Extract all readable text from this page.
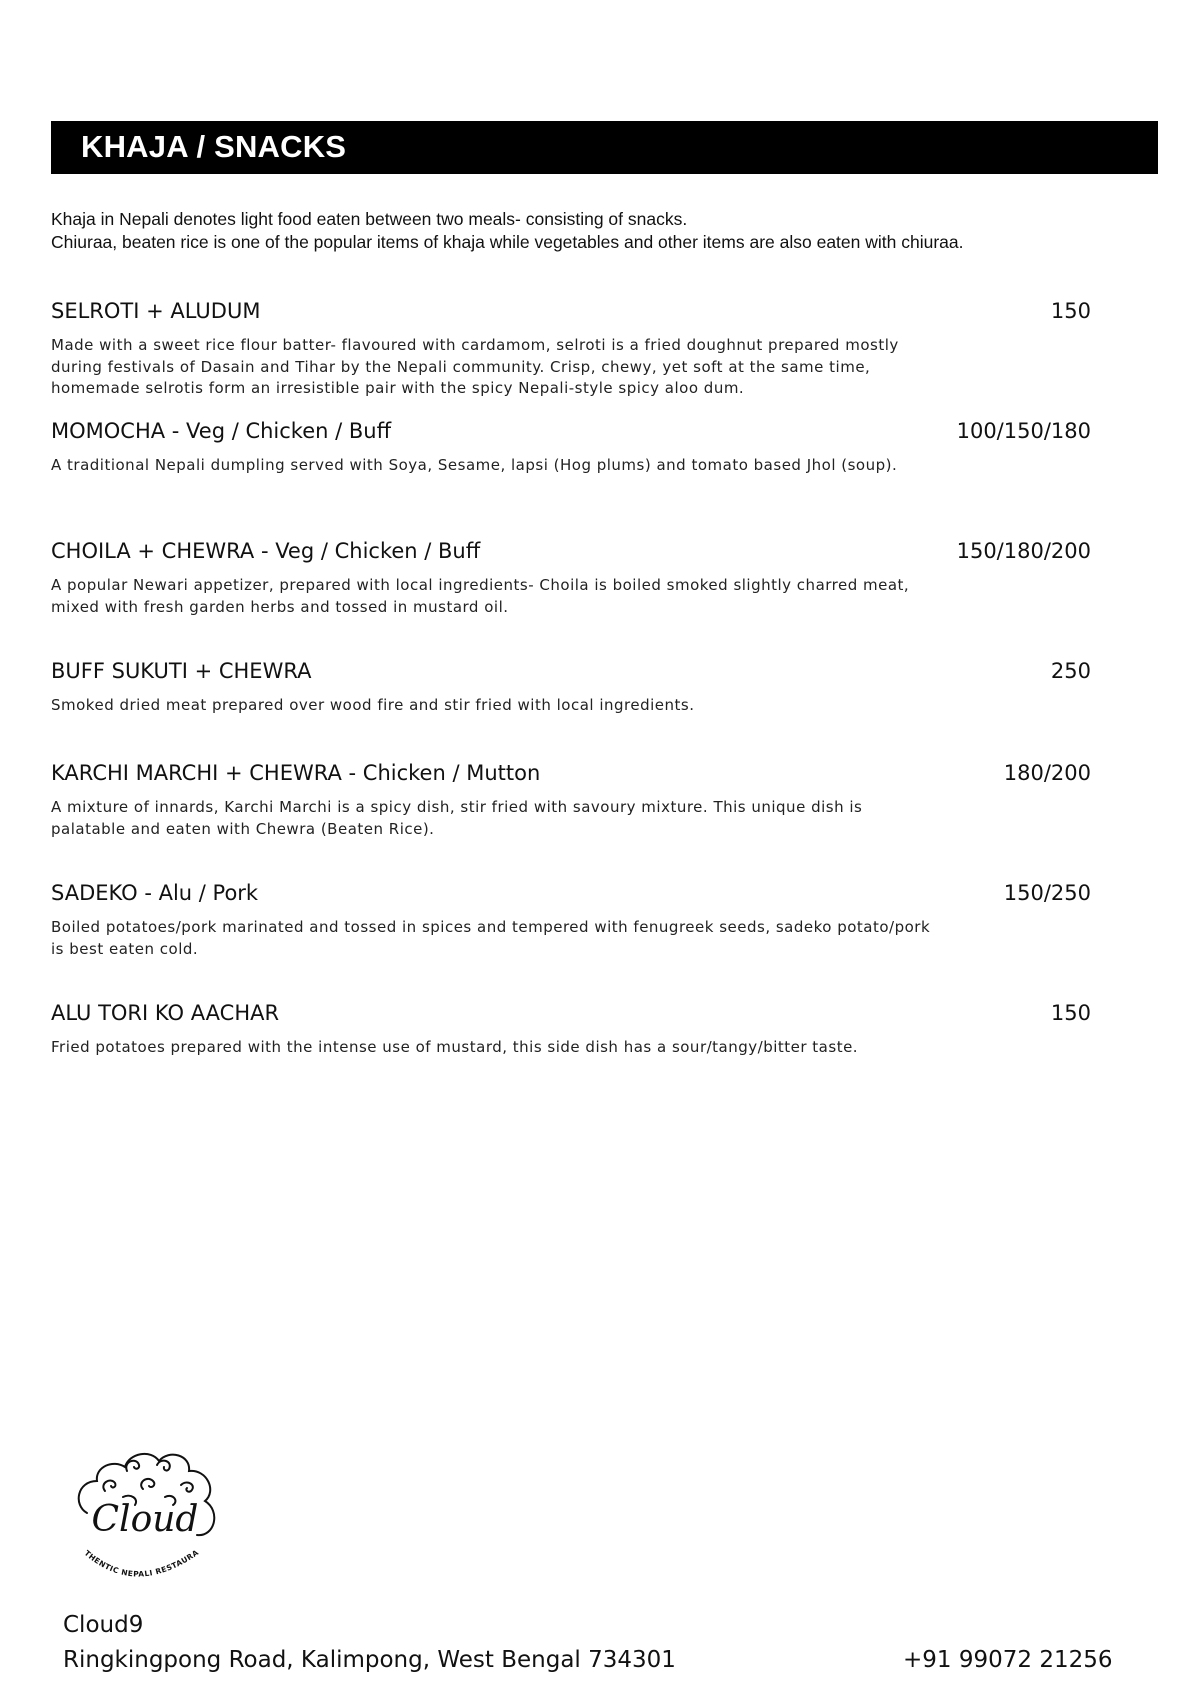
KHAJA / SNACKS
Khaja in Nepali denotes light food eaten between two meals- consisting of snacks.
Chiuraa, beaten rice is one of the popular items of khaja while vegetables and other items are also eaten with chiuraa.
SELROTI + ALUDUM	150
Made with a sweet rice flour batter- flavoured with cardamom, selroti is a fried doughnut prepared mostly during festivals of Dasain and Tihar by the Nepali community. Crisp, chewy, yet soft at the same time, homemade selrotis form an irresistible pair with the spicy Nepali-style spicy aloo dum.
MOMOCHA - Veg / Chicken / Buff	100/150/180
A traditional Nepali dumpling served with Soya, Sesame, lapsi (Hog plums) and tomato based Jhol (soup).
CHOILA + CHEWRA - Veg / Chicken / Buff	150/180/200
A popular Newari appetizer, prepared with local ingredients- Choila is boiled smoked slightly charred meat, mixed with fresh garden herbs and tossed in mustard oil.
BUFF SUKUTI + CHEWRA	250
Smoked dried meat prepared over wood fire and stir fried with local ingredients.
KARCHI MARCHI + CHEWRA - Chicken / Mutton	180/200
A mixture of innards, Karchi Marchi is a spicy dish, stir fried with savoury mixture. This unique dish is palatable and eaten with Chewra (Beaten Rice).
SADEKO - Alu / Pork	150/250
Boiled potatoes/pork marinated and tossed in spices and tempered with fenugreek seeds, sadeko potato/pork is best eaten cold.
ALU TORI KO AACHAR	150
Fried potatoes prepared with the intense use of mustard, this side dish has a sour/tangy/bitter taste.
Cloud
THENTIC NEPALI RESTAURA
Cloud9
Ringkingpong Road, Kalimpong, West Bengal 734301	+91 99072 21256
